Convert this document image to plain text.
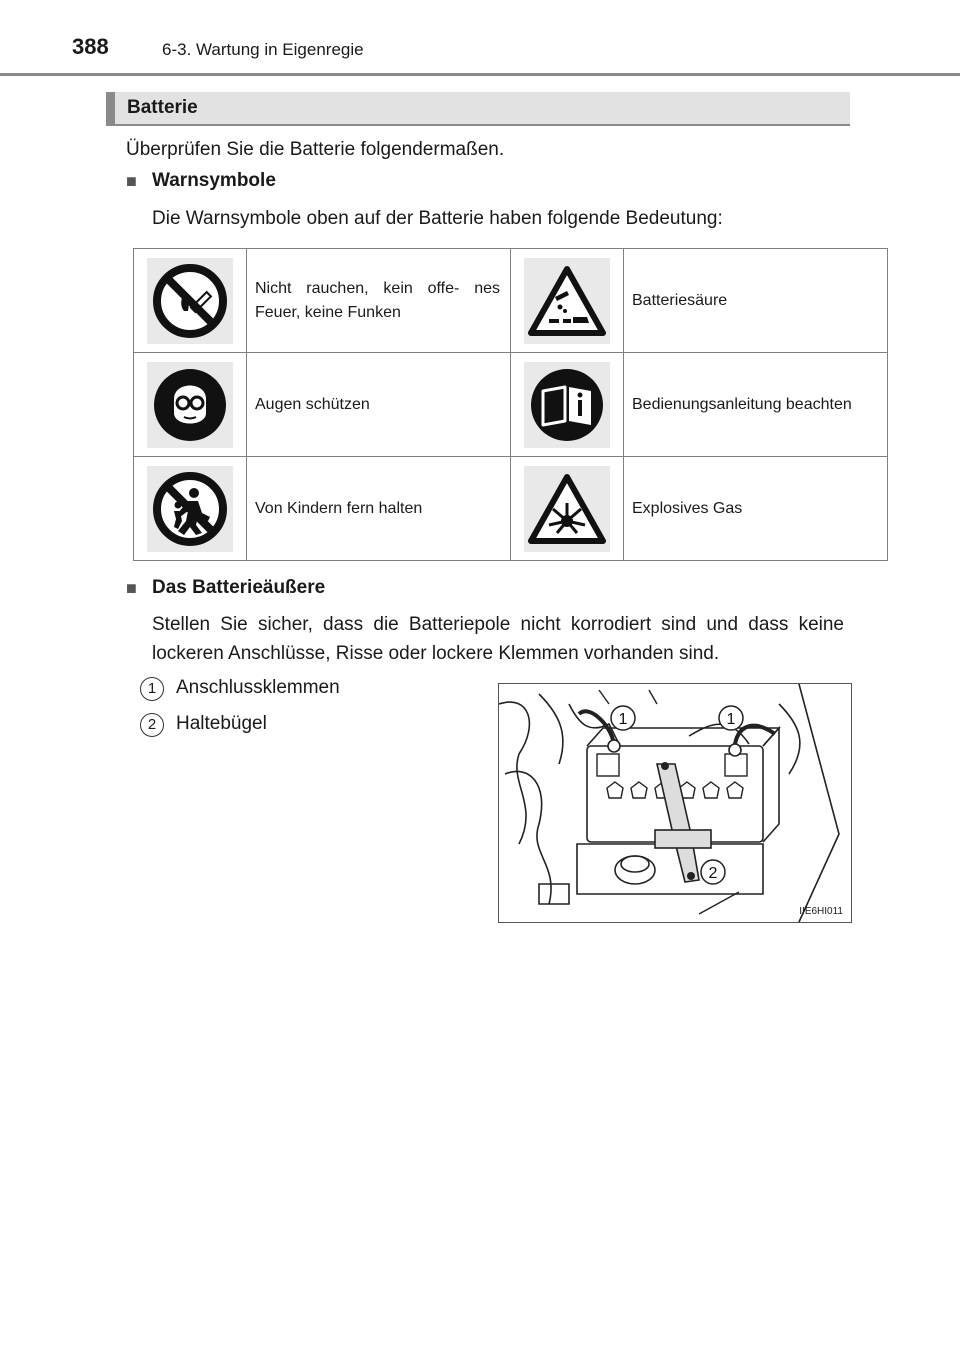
388	6-3. Wartung in Eigenregie
Batterie
Überprüfen Sie die Batterie folgendermaßen.
■ Warnsymbole
Die Warnsymbole oben auf der Batterie haben folgende Bedeutung:
	Nicht rauchen, kein offe- nes Feuer, keine Funken		Batteriesäure

	Augen schützen		Bedienungsanleitung beachten

	Von Kindern fern halten		Explosives Gas
■ Das Batterieäußere
Stellen Sie sicher, dass die Batteriepole nicht korrodiert sind und dass keine lockeren Anschlüsse, Risse oder lockere Klemmen vorhanden sind.
1	Anschlussklemmen
2	Haltebügel	1	1
2
IIE6HI011
